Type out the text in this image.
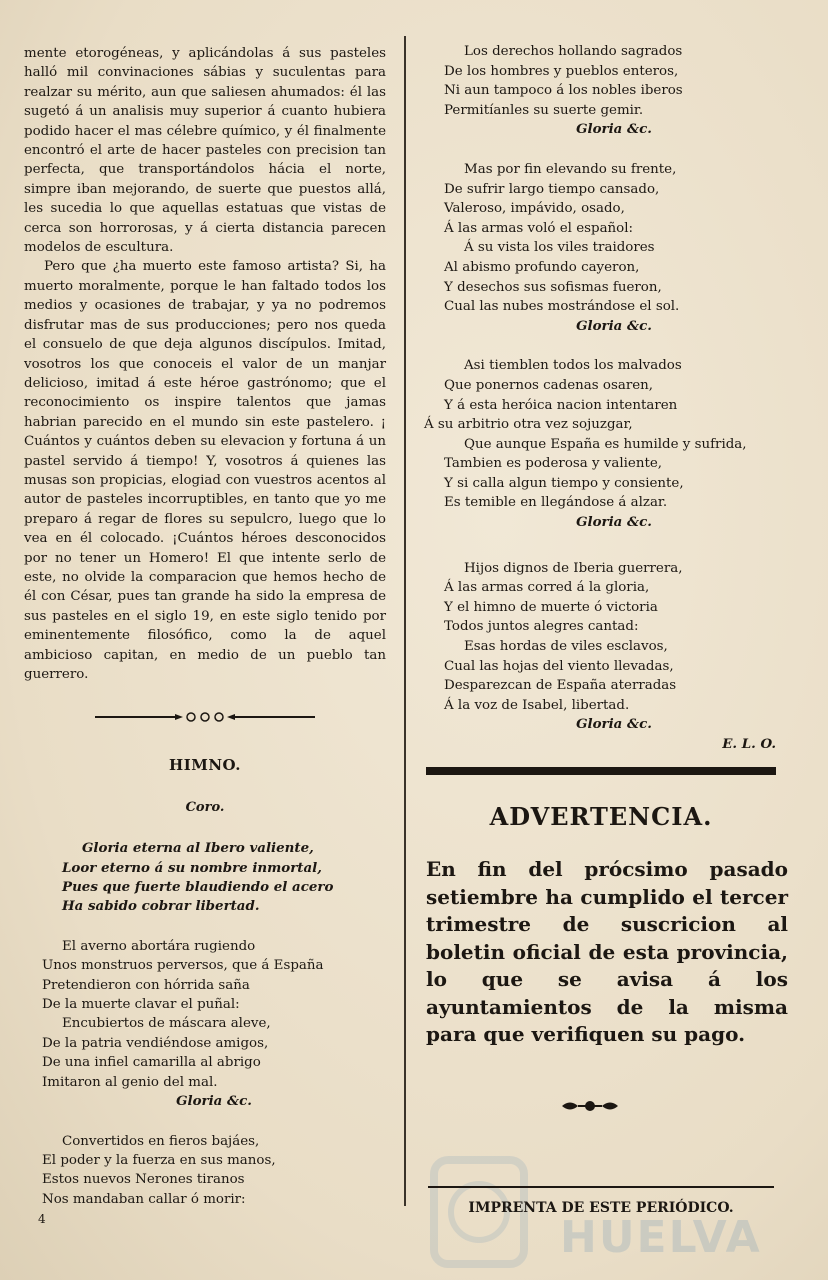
mente etorogéneas, y aplicándolas á sus pasteles halló mil convinaciones sábias y suculentas para realzar su mérito, aun que saliesen ahumados: él las sugetó á un analisis muy superior á cuanto hubiera podido hacer el mas célebre químico, y él finalmente encontró el arte de hacer pasteles con precision tan perfecta, que transportándolos hácia el norte, simpre iban mejorando, de suerte que puestos allá, les sucedia lo que aquellas estatuas que vistas de cerca son horrorosas, y á cierta distancia parecen modelos de escultura.

Pero que ¿ha muerto este famoso artista? Si, ha muerto moralmente, porque le han faltado todos los medios y ocasiones de trabajar, y ya no podremos disfrutar mas de sus producciones; pero nos queda el consuelo de que deja algunos discípulos. Imitad, vosotros los que conoceis el valor de un manjar delicioso, imitad á este héroe gastrónomo; que el reconocimiento os inspire talentos que jamas habrian parecido en el mundo sin este pastelero. ¡ Cuántos y cuántos deben su elevacion y fortuna á un pastel servido á tiempo! Y, vosotros á quienes las musas son propicias, elogiad con vuestros acentos al autor de pasteles incorruptibles, en tanto que yo me preparo á regar de flores su sepulcro, luego que lo vea en él colocado. ¡Cuántos héroes desconocidos por no tener un Homero! El que intente serlo de este, no olvide la comparacion que hemos hecho de él con César, pues tan grande ha sido la empresa de sus pasteles en el siglo 19, en este siglo tenido por eminentemente filosófico, como la de aquel ambicioso capitan, en medio de un pueblo tan guerrero.

HIMNO.
Coro.
Gloria eterna al Ibero valiente,
Loor eterno á su nombre inmortal,
Pues que fuerte blaudiendo el acero
Ha sabido cobrar libertad.
El averno abortára rugiendo
Unos monstruos perversos, que á España
Pretendieron con hórrida saña
De la muerte clavar el puñal:
Encubiertos de máscara aleve,
De la patria vendiéndose amigos,
De una infiel camarilla al abrigo
Imitaron al genio del mal.
Gloria &c.
Convertidos en fieros bajáes,
El poder y la fuerza en sus manos,
Estos nuevos Nerones tiranos
Nos mandaban callar ó morir:
4
Los derechos hollando sagrados
De los hombres y pueblos enteros,
Ni aun tampoco á los nobles iberos
Permitíanles su suerte gemir.
Gloria &c.
Mas por fin elevando su frente,
De sufrir largo tiempo cansado,
Valeroso, impávido, osado,
Á las armas voló el español:
Á su vista los viles traidores
Al abismo profundo cayeron,
Y desechos sus sofismas fueron,
Cual las nubes mostrándose el sol.
Gloria &c.
Asi tiemblen todos los malvados
Que ponernos cadenas osaren,
Y á esta heróica nacion intentaren
Á su arbitrio otra vez sojuzgar,
Que aunque España es humilde y sufrida,
Tambien es poderosa y valiente,
Y si calla algun tiempo y consiente,
Es temible en llegándose á alzar.
Gloria &c.
Hijos dignos de Iberia guerrera,
Á las armas corred á la gloria,
Y el himno de muerte ó victoria
Todos juntos alegres cantad:
Esas hordas de viles esclavos,
Cual las hojas del viento llevadas,
Desparezcan de España aterradas
Á la voz de Isabel, libertad.
Gloria &c.
E. L. O.
ADVERTENCIA.
En fin del prócsimo pasado setiembre ha cumplido el tercer trimestre de suscricion al boletin oficial de esta provincia, lo que se avisa á los ayuntamientos de la misma para que verifiquen su pago.
HUELVA
IMPRENTA DE ESTE PERIÓDICO.
